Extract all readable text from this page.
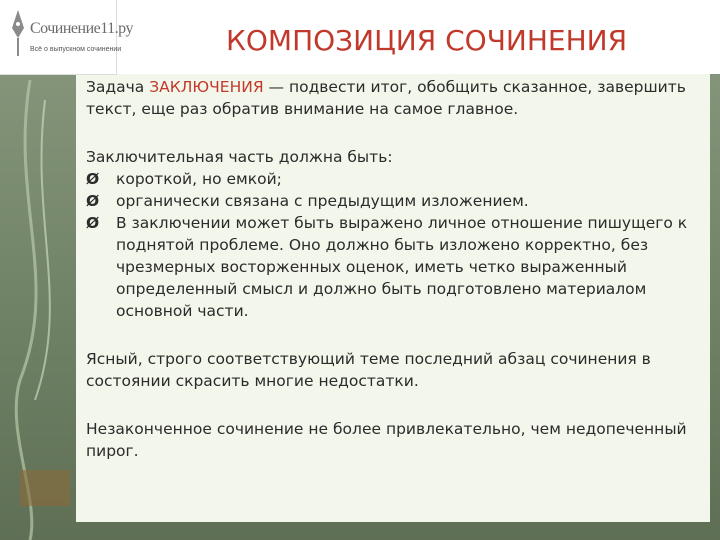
Сочинение11.ру
Всё о выпускном сочинении	КОМПОЗИЦИЯ СОЧИНЕНИЯ

Задача ЗАКЛЮЧЕНИЯ — подвести итог, обобщить сказанное, завершить текст, еще раз обратив внимание на самое главное.

Заключительная часть должна быть:

Ø короткой, но емкой;
Ø органически связана с предыдущим изложением.
Ø В заключении может быть выражено личное отношение пишущего к поднятой проблеме. Оно должно быть изложено корректно, без чрезмерных восторженных оценок, иметь четко выраженный определенный смысл и должно быть подготовлено материалом основной части.

Ясный, строго соответствующий теме последний абзац сочинения в состоянии скрасить многие недостатки.

Незаконченное сочинение не более привлекательно, чем недопеченный пирог.
